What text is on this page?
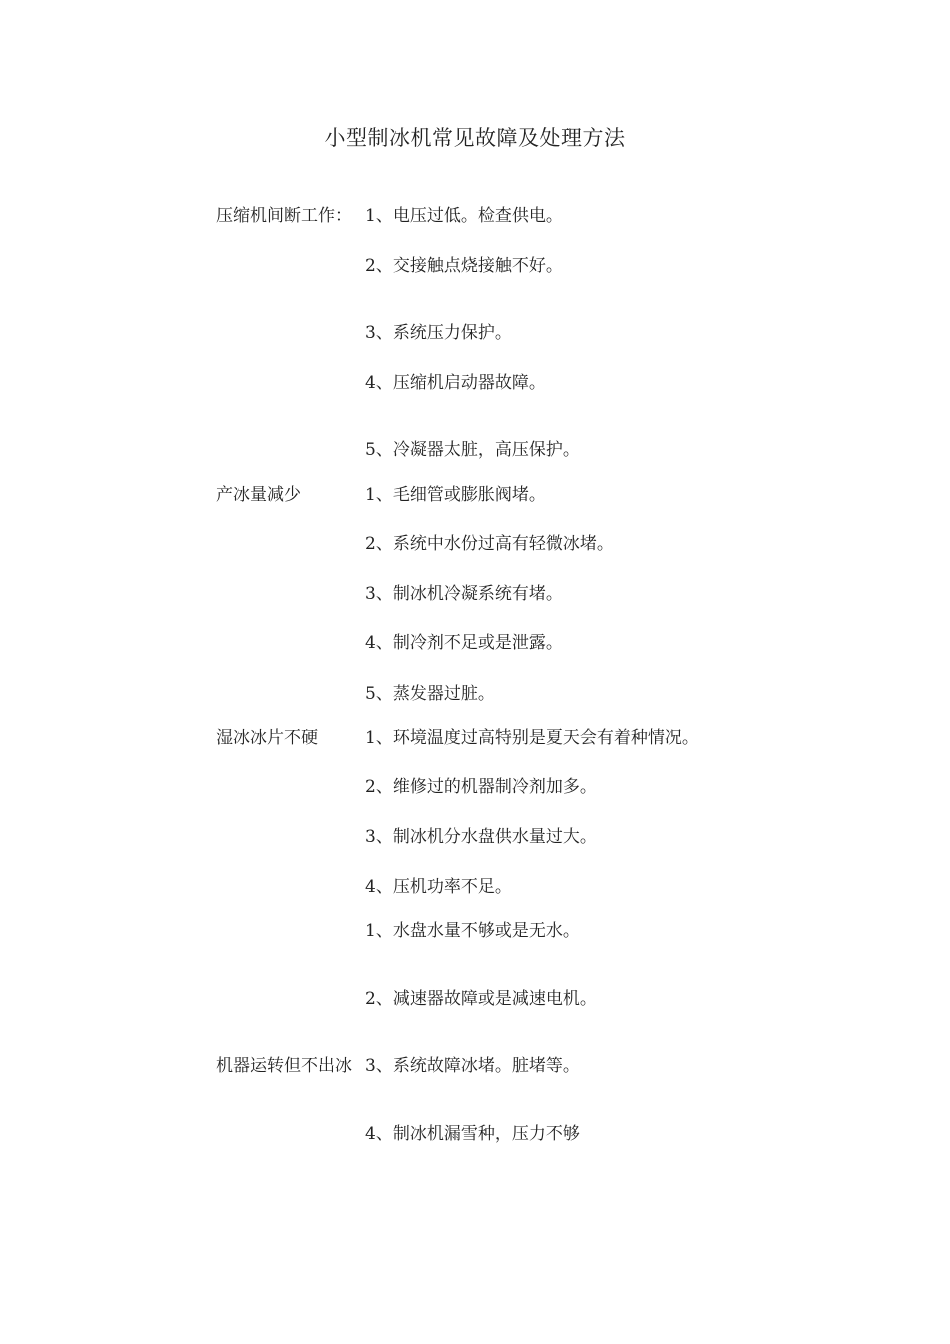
小型制冰机常见故障及处理方法
压缩机间断工作： 1、电压过低。检查供电。
2、交接触点烧接触不好。
3、系统压力保护。
4、压缩机启动器故障。
5、冷凝器太脏，高压保护。
产冰量减少	1、毛细管或膨胀阀堵。
2、系统中水份过高有轻微冰堵。
3、制冰机冷凝系统有堵。
4、制冷剂不足或是泄露。
5、蒸发器过脏。
湿冰冰片不硬	1、环境温度过高特别是夏天会有着种情况。
2、维修过的机器制冷剂加多。
3、制冰机分水盘供水量过大。
4、压机功率不足。
1、水盘水量不够或是无水。
2、减速器故障或是减速电机。
机器运转但不出冰 3、系统故障冰堵。脏堵等。
4、制冰机漏雪种，压力不够
